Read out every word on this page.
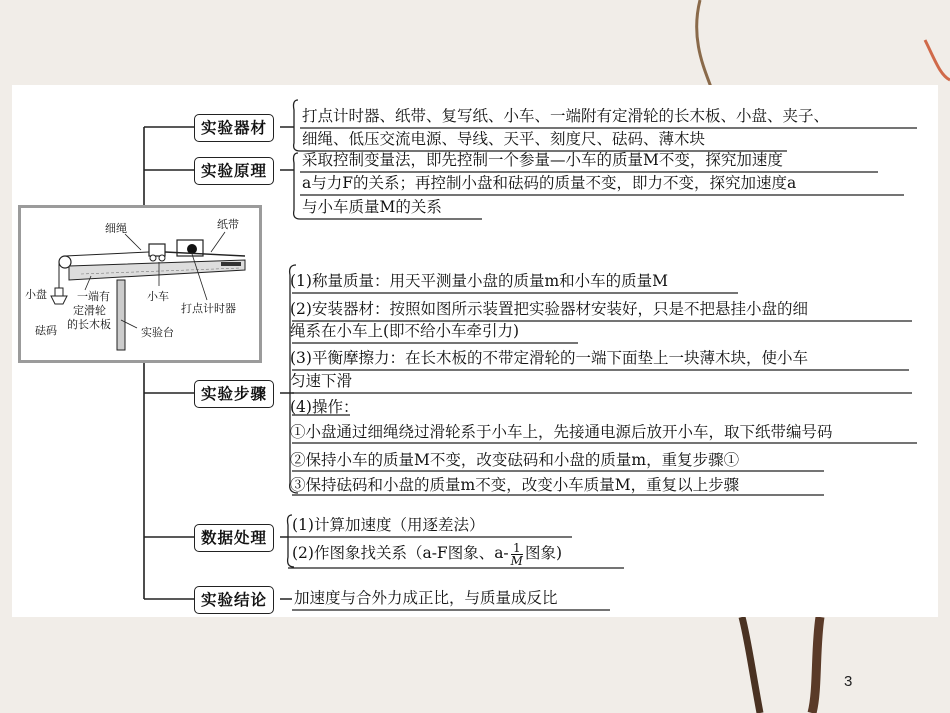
实验器材
实验原理
实验步骤
数据处理
实验结论
打点计时器、纸带、复写纸、小车、一端附有定滑轮的长木板、小盘、夹子、
细绳、低压交流电源、导线、天平、刻度尺、砝码、薄木块
采取控制变量法，即先控制一个参量—小车的质量M不变，探究加速度
a与力F的关系；再控制小盘和砝码的质量不变，即力不变，探究加速度a
与小车质量M的关系
(1)称量质量：用天平测量小盘的质量m和小车的质量M
(2)安装器材：按照如图所示装置把实验器材安装好，只是不把悬挂小盘的细
绳系在小车上(即不给小车牵引力)
(3)平衡摩擦力：在长木板的不带定滑轮的一端下面垫上一块薄木块，使小车
匀速下滑
(4)操作：
①小盘通过细绳绕过滑轮系于小车上，先接通电源后放开小车，取下纸带编号码
②保持小车的质量M不变，改变砝码和小盘的质量m，重复步骤①
③保持砝码和小盘的质量m不变，改变小车质量M，重复以上步骤
(1)计算加速度（用逐差法）
(2)作图象找关系（a-F图象、$a- \frac{1}{M}$ 图象)
加速度与合外力成正比，与质量成反比
细绳	纸带
小盘
砝码
一端有
定滑轮
的长木板
小车
打点计时器
实验台
3
